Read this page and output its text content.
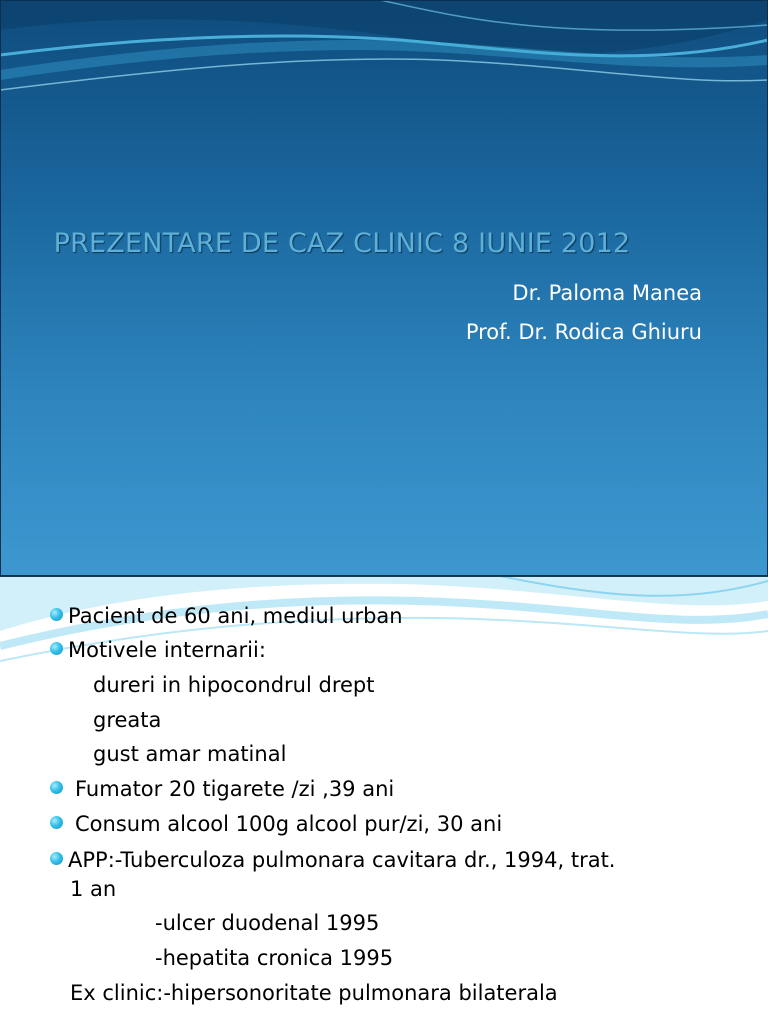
PREZENTARE DE CAZ CLINIC 8 IUNIE 2012
Dr. Paloma Manea
Prof. Dr. Rodica Ghiuru
Pacient de 60 ani, mediul urban
Motivele internarii:
dureri in hipocondrul drept
greata
gust amar matinal
Fumator 20 tigarete /zi ,39 ani
Consum alcool 100g alcool pur/zi, 30 ani
APP:-Tuberculoza pulmonara cavitara dr., 1994, trat.
1 an
-ulcer duodenal 1995
-hepatita cronica 1995
Ex clinic:-hipersonoritate pulmonara bilaterala
